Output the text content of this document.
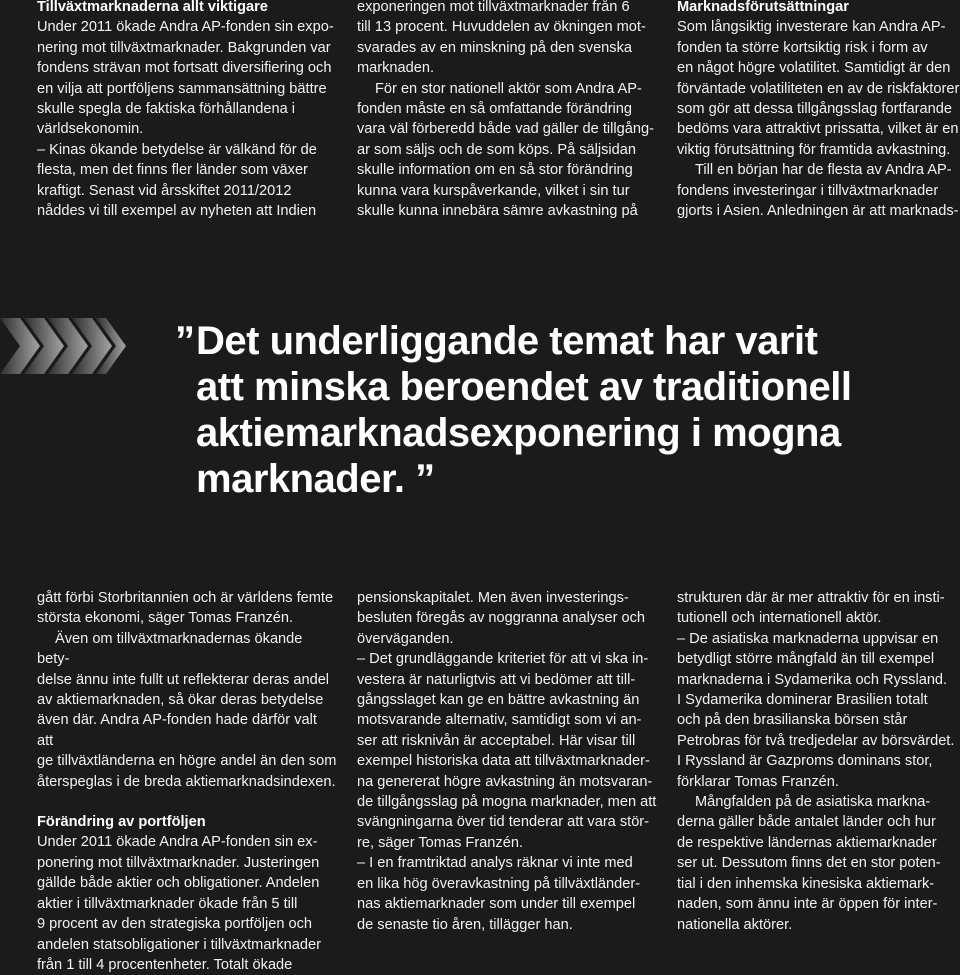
Tillväxtmarknaderna allt viktigare

Under 2011 ökade Andra AP-fonden sin expo-
nering mot tillväxtmarknader. Bakgrunden var
fondens strävan mot fortsatt diversifiering och
en vilja att portföljens sammansättning bättre
skulle spegla de faktiska förhållandena i
världsekonomin.

– Kinas ökande betydelse är välkänd för de
flesta, men det finns fler länder som växer
kraftigt. Senast vid årsskiftet 2011/2012
nåddes vi till exempel av nyheten att Indien

exponeringen mot tillväxtmarknader från 6
till 13 procent. Huvuddelen av ökningen mot-
svarades av en minskning på den svenska
marknaden.

För en stor nationell aktör som Andra AP-
fonden måste en så omfattande förändring
vara väl förberedd både vad gäller de tillgång-
ar som säljs och de som köps. På säljsidan
skulle information om en så stor förändring
kunna vara kurspåverkande, vilket i sin tur
skulle kunna innebära sämre avkastning på

Marknadsförutsättningar

Som långsiktig investerare kan Andra AP-
fonden ta större kortsiktig risk i form av
en något högre volatilitet. Samtidigt är den
förväntade volatiliteten en av de riskfaktorer
som gör att dessa tillgångsslag fortfarande
bedöms vara attraktivt prissatta, vilket är en
viktig förutsättning för framtida avkastning.

Till en början har de flesta av Andra AP-
fondens investeringar i tillväxtmarknader
gjorts i Asien. Anledningen är att marknads-

” Det underliggande temat har varit
att minska beroendet av traditionell
aktiemarknadsexponering i mogna
marknader. ”

gått förbi Storbritannien och är världens femte
största ekonomi, säger Tomas Franzén.

Även om tillväxtmarknadernas ökande bety-
delse ännu inte fullt ut reflekterar deras andel
av aktiemarknaden, så ökar deras betydelse
även där. Andra AP-fonden hade därför valt att
ge tillväxtländerna en högre andel än den som
återspeglas i de breda aktiemarknadsindexen.

Förändring av portföljen

Under 2011 ökade Andra AP-fonden sin ex-
ponering mot tillväxtmarknader. Justeringen
gällde både aktier och obligationer. Andelen
aktier i tillväxtmarknader ökade från 5 till
9 procent av den strategiska portföljen och
andelen statsobligationer i tillväxtmarknader
från 1 till 4 procentenheter. Totalt ökade

pensionskapitalet. Men även investerings-
besluten föregås av noggranna analyser och
överväganden.

– Det grundläggande kriteriet för att vi ska in-
vestera är naturligtvis att vi bedömer att till-
gångsslaget kan ge en bättre avkastning än
motsvarande alternativ, samtidigt som vi an-
ser att risknivån är acceptabel. Här visar till
exempel historiska data att tillväxtmarknader-
na genererat högre avkastning än motsvaran-
de tillgångsslag på mogna marknader, men att
svängningarna över tid tenderar att vara stör-
re, säger Tomas Franzén.

– I en framtriktad analys räknar vi inte med
en lika hög överavkastning på tillväxtländer-
nas aktiemarknader som under till exempel
de senaste tio åren, tillägger han.

strukturen där är mer attraktiv för en insti-
tutionell och internationell aktör.

– De asiatiska marknaderna uppvisar en
betydligt större mångfald än till exempel
marknaderna i Sydamerika och Ryssland.
I Sydamerika dominerar Brasilien totalt
och på den brasilianska börsen står
Petrobras för två tredjedelar av börsvärdet.
I Ryssland är Gazproms dominans stor,
förklarar Tomas Franzén.

Mångfalden på de asiatiska markna-
derna gäller både antalet länder och hur
de respektive ländernas aktiemarknader
ser ut. Dessutom finns det en stor poten-
tial i den inhemska kinesiska aktiemark-
naden, som ännu inte är öppen för inter-
nationella aktörer.
